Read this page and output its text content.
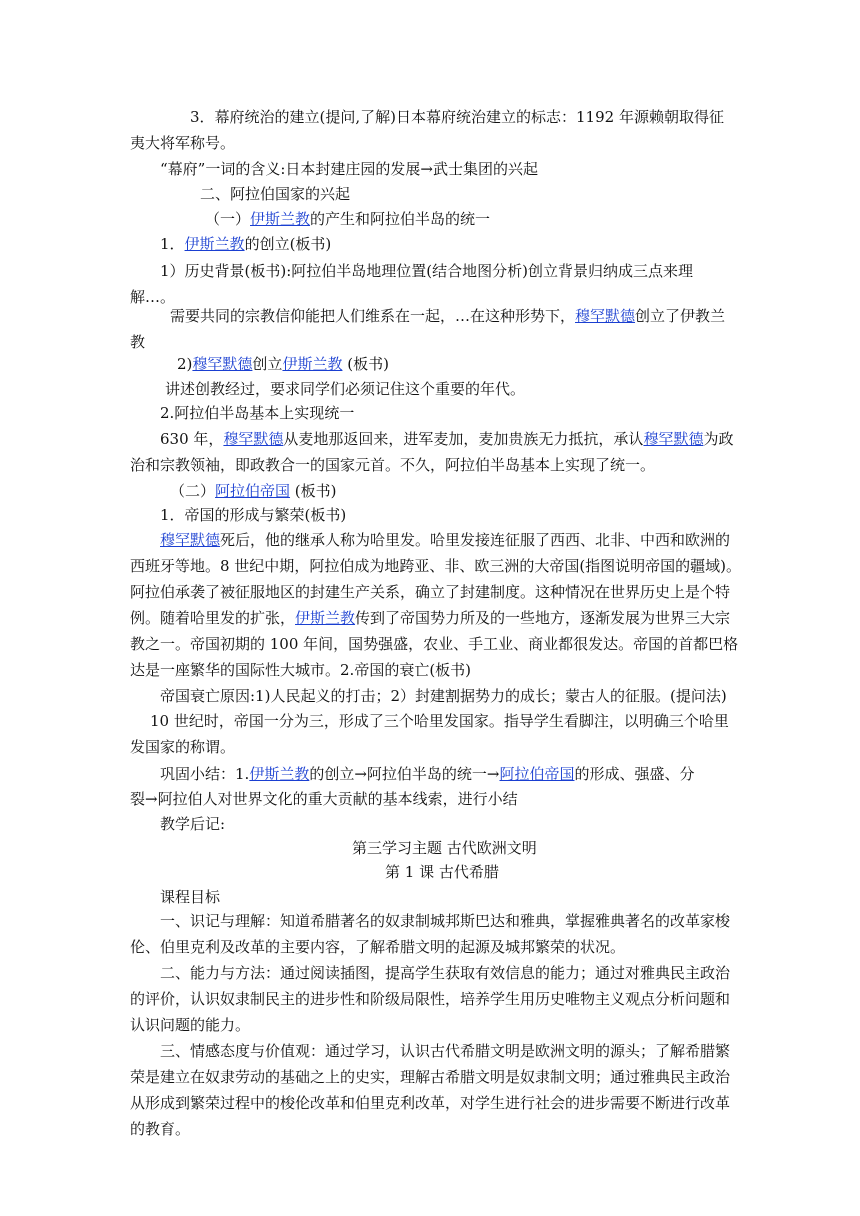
3．幕府统治的建立(提问,了解)日本幕府统治建立的标志：1192 年源赖朝取得征
夷大将军称号。
“幕府”一词的含义:日本封建庄园的发展→武士集团的兴起
二、阿拉伯国家的兴起
（一）伊斯兰教的产生和阿拉伯半岛的统一
1．伊斯兰教的创立(板书)
1）历史背景(板书):阿拉伯半岛地理位置(结合地图分析)创立背景归纳成三点来理
解…。
需要共同的宗教信仰能把人们维系在一起，…在这种形势下，穆罕默德创立了伊教兰
教
2)穆罕默德创立伊斯兰教 (板书)
讲述创教经过，要求同学们必须记住这个重要的年代。
2.阿拉伯半岛基本上实现统一
630 年，穆罕默德从麦地那返回来，进军麦加，麦加贵族无力抵抗，承认穆罕默德为政
治和宗教领袖，即政教合一的国家元首。不久，阿拉伯半岛基本上实现了统一。
（二）阿拉伯帝国 (板书)
1．帝国的形成与繁荣(板书)
穆罕默德死后，他的继承人称为哈里发。哈里发接连征服了西西、北非、中西和欧洲的
西班牙等地。8 世纪中期，阿拉伯成为地跨亚、非、欧三洲的大帝国(指图说明帝国的疆域)。
阿拉伯承袭了被征服地区的封建生产关系，确立了封建制度。这种情况在世界历史上是个特
例。随着哈里发的扩张，伊斯兰教传到了帝国势力所及的一些地方，逐渐发展为世界三大宗
教之一。帝国初期的 100 年间，国势强盛，农业、手工业、商业都很发达。帝国的首都巴格
达是一座繁华的国际性大城市。2.帝国的衰亡(板书)
帝国衰亡原因:1)人民起义的打击；2）封建割据势力的成长；蒙古人的征服。(提问法)
10 世纪时，帝国一分为三，形成了三个哈里发国家。指导学生看脚注，以明确三个哈里
发国家的称谓。
巩固小结：1.伊斯兰教的创立→阿拉伯半岛的统一→阿拉伯帝国的形成、强盛、分
裂→阿拉伯人对世界文化的重大贡献的基本线索，进行小结
教学后记:
第三学习主题 古代欧洲文明
第 1 课 古代希腊
课程目标
一、识记与理解：知道希腊著名的奴隶制城邦斯巴达和雅典，掌握雅典著名的改革家梭
伦、伯里克利及改革的主要内容，了解希腊文明的起源及城邦繁荣的状况。
二、能力与方法：通过阅读插图，提高学生获取有效信息的能力；通过对雅典民主政治
的评价，认识奴隶制民主的进步性和阶级局限性，培养学生用历史唯物主义观点分析问题和
认识问题的能力。
三、情感态度与价值观：通过学习，认识古代希腊文明是欧洲文明的源头；了解希腊繁
荣是建立在奴隶劳动的基础之上的史实，理解古希腊文明是奴隶制文明；通过雅典民主政治
从形成到繁荣过程中的梭伦改革和伯里克利改革，对学生进行社会的进步需要不断进行改革
的教育。
